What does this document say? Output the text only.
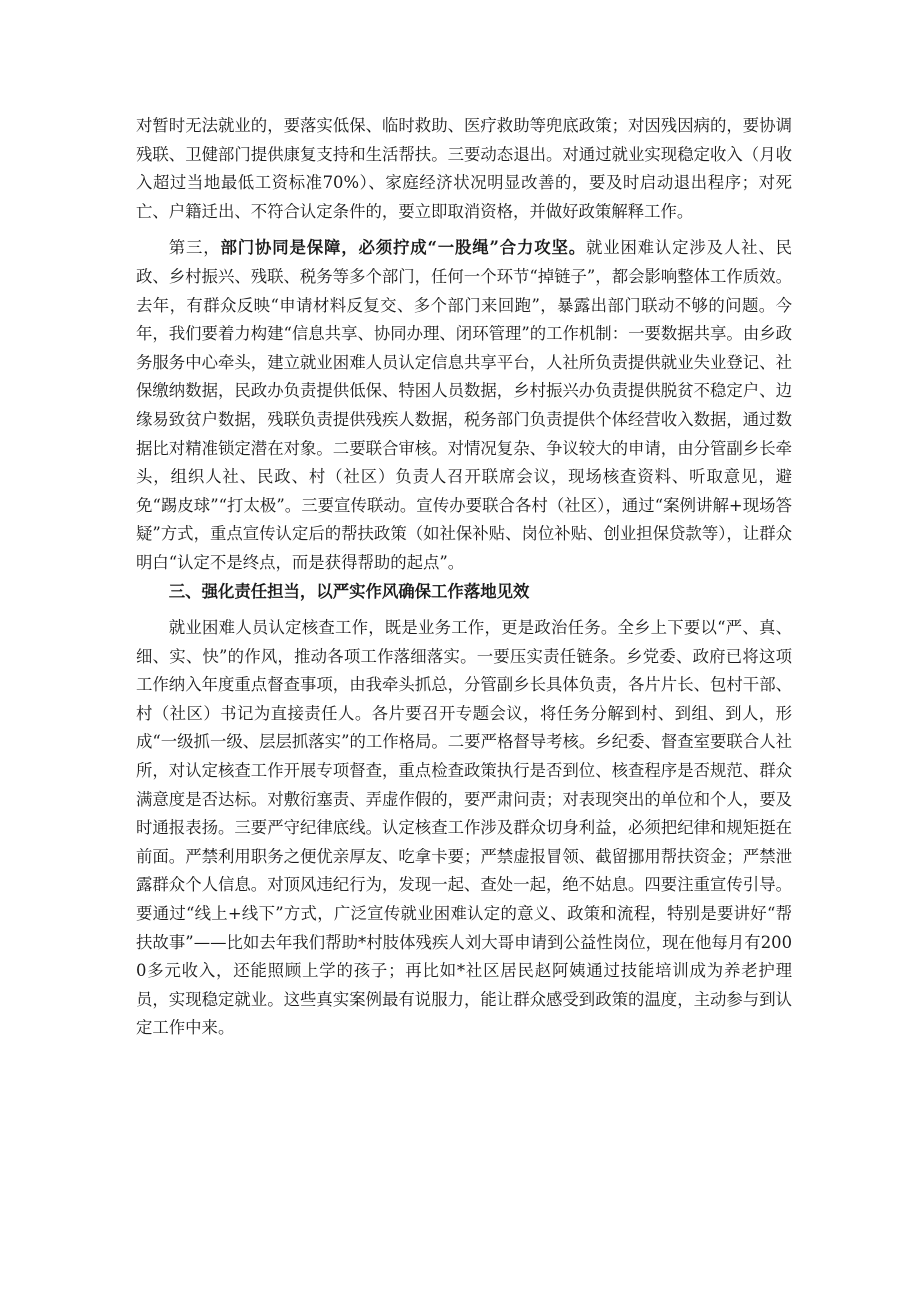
对暂时无法就业的，要落实低保、临时救助、医疗救助等兜底政策；对因残因病的，要协调残联、卫健部门提供康复支持和生活帮扶。三要动态退出。对通过就业实现稳定收入（月收入超过当地最低工资标准70%）、家庭经济状况明显改善的，要及时启动退出程序；对死亡、户籍迁出、不符合认定条件的，要立即取消资格，并做好政策解释工作。

第三，部门协同是保障，必须拧成“一股绳”合力攻坚。就业困难认定涉及人社、民政、乡村振兴、残联、税务等多个部门，任何一个环节“掉链子”，都会影响整体工作质效。去年，有群众反映“申请材料反复交、多个部门来回跑”，暴露出部门联动不够的问题。今年，我们要着力构建“信息共享、协同办理、闭环管理”的工作机制：一要数据共享。由乡政务服务中心牵头，建立就业困难人员认定信息共享平台，人社所负责提供就业失业登记、社保缴纳数据，民政办负责提供低保、特困人员数据，乡村振兴办负责提供脱贫不稳定户、边缘易致贫户数据，残联负责提供残疾人数据，税务部门负责提供个体经营收入数据，通过数据比对精准锁定潜在对象。二要联合审核。对情况复杂、争议较大的申请，由分管副乡长牵头，组织人社、民政、村（社区）负责人召开联席会议，现场核查资料、听取意见，避免“踢皮球”“打太极”。三要宣传联动。宣传办要联合各村（社区），通过“案例讲解+现场答疑”方式，重点宣传认定后的帮扶政策（如社保补贴、岗位补贴、创业担保贷款等），让群众明白“认定不是终点，而是获得帮助的起点”。

三、强化责任担当，以严实作风确保工作落地见效

就业困难人员认定核查工作，既是业务工作，更是政治任务。全乡上下要以“严、真、细、实、快”的作风，推动各项工作落细落实。一要压实责任链条。乡党委、政府已将这项工作纳入年度重点督查事项，由我牵头抓总，分管副乡长具体负责，各片片长、包村干部、村（社区）书记为直接责任人。各片要召开专题会议，将任务分解到村、到组、到人，形成“一级抓一级、层层抓落实”的工作格局。二要严格督导考核。乡纪委、督查室要联合人社所，对认定核查工作开展专项督查，重点检查政策执行是否到位、核查程序是否规范、群众满意度是否达标。对敷衍塞责、弄虚作假的，要严肃问责；对表现突出的单位和个人，要及时通报表扬。三要严守纪律底线。认定核查工作涉及群众切身利益，必须把纪律和规矩挺在前面。严禁利用职务之便优亲厚友、吃拿卡要；严禁虚报冒领、截留挪用帮扶资金；严禁泄露群众个人信息。对顶风违纪行为，发现一起、查处一起，绝不姑息。四要注重宣传引导。要通过“线上+线下”方式，广泛宣传就业困难认定的意义、政策和流程，特别是要讲好“帮扶故事”——比如去年我们帮助*村肢体残疾人刘大哥申请到公益性岗位，现在他每月有2000多元收入，还能照顾上学的孩子；再比如*社区居民赵阿姨通过技能培训成为养老护理员，实现稳定就业。这些真实案例最有说服力，能让群众感受到政策的温度，主动参与到认定工作中来。
